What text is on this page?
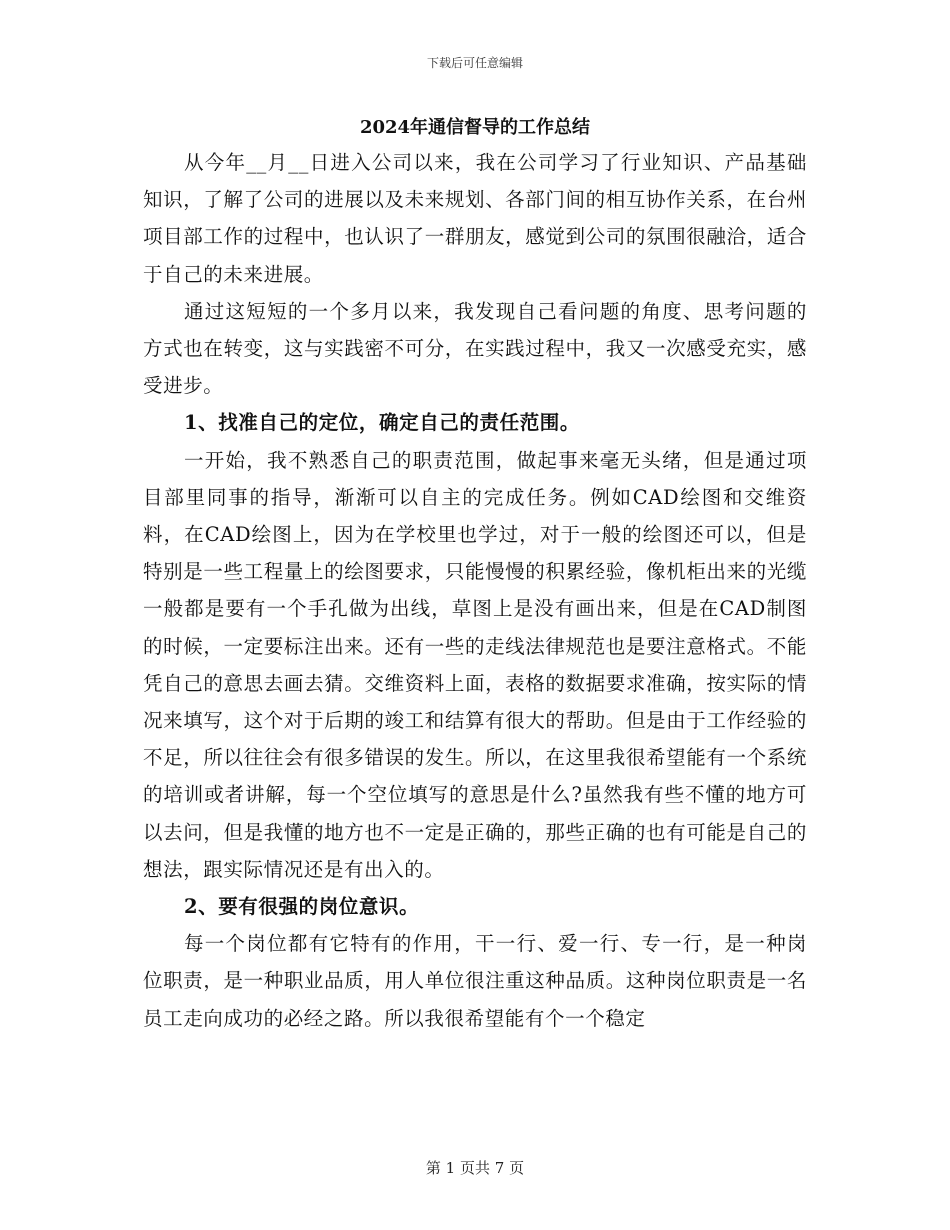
下载后可任意编辑
2024年通信督导的工作总结

从今年__月__日进入公司以来，我在公司学习了行业知识、产品基础知识，了解了公司的进展以及未来规划、各部门间的相互协作关系，在台州项目部工作的过程中，也认识了一群朋友，感觉到公司的氛围很融洽，适合于自己的未来进展。

通过这短短的一个多月以来，我发现自己看问题的角度、思考问题的方式也在转变，这与实践密不可分，在实践过程中，我又一次感受充实，感受进步。

1、找准自己的定位，确定自己的责任范围。

一开始，我不熟悉自己的职责范围，做起事来毫无头绪，但是通过项目部里同事的指导，渐渐可以自主的完成任务。例如CAD绘图和交维资料，在CAD绘图上，因为在学校里也学过，对于一般的绘图还可以，但是特别是一些工程量上的绘图要求，只能慢慢的积累经验，像机柜出来的光缆一般都是要有一个手孔做为出线，草图上是没有画出来，但是在CAD制图的时候，一定要标注出来。还有一些的走线法律规范也是要注意格式。不能凭自己的意思去画去猜。交维资料上面，表格的数据要求准确，按实际的情况来填写，这个对于后期的竣工和结算有很大的帮助。但是由于工作经验的不足，所以往往会有很多错误的发生。所以，在这里我很希望能有一个系统的培训或者讲解，每一个空位填写的意思是什么?虽然我有些不懂的地方可以去问，但是我懂的地方也不一定是正确的，那些正确的也有可能是自己的想法，跟实际情况还是有出入的。

2、要有很强的岗位意识。

每一个岗位都有它特有的作用，干一行、爱一行、专一行，是一种岗位职责，是一种职业品质，用人单位很注重这种品质。这种岗位职责是一名员工走向成功的必经之路。所以我很希望能有个一个稳定

第 1 页共 7 页
